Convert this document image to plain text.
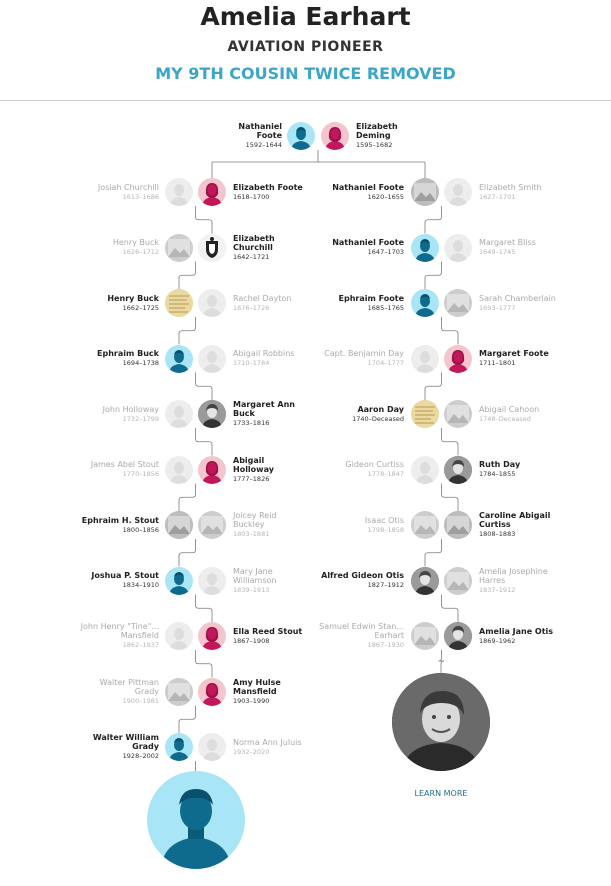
Amelia Earhart
AVIATION PIONEER
MY 9TH COUSIN TWICE REMOVED
Nathaniel Foote
1592–1644
Elizabeth Deming
1595–1682
Elizabeth Foote
1618–1700
Josiah Churchill
1613–1686
Elizabeth Churchill
1642–1721
Henry Buck
1626–1712
Henry Buck
1662–1725
Rachel Dayton
1676–1726
Ephraim Buck
1694–1738
Abigail Robbins
1710–1784
Margaret Ann Buck
1733–1816
John Holloway
1732–1799
Abigail Holloway
1777–1826
James Abel Stout
1770–1856
Ephraim H. Stout
1800–1856
Joicey Reid Buckley
1803–1881
Joshua P. Stout
1834–1910
Mary Jane Williamson
1839–1913
Ella Reed Stout
1867–1908
John Henry "Tine"... Mansfield
1862–1937
Amy Hulse Mansfield
1903–1990
Walter Pittman Grady
1900–1981
Walter William Grady
1928–2002
Norma Ann Juluis
1932–2020
Nathaniel Foote
1620–1655
Elizabeth Smith
1627–1701
Nathaniel Foote
1647–1703
Margaret Bliss
1649–1745
Ephraim Foote
1685–1765
Sarah Chamberlain
1693–1777
Margaret Foote
1711–1801
Capt. Benjamin Day
1704–1777
Aaron Day
1740–Deceased
Abigail Cahoon
1748–Deceased
Ruth Day
1784–1855
Gideon Curtiss
1778–1847
Caroline Abigail Curtiss
1808–1883
Isaac Otis
1798–1858
Alfred Gideon Otis
1827–1912
Amelia Josephine Harres
1837–1912
Amelia Jane Otis
1869–1962
Samuel Edwin Stan... Earhart
1867–1930
LEARN MORE
